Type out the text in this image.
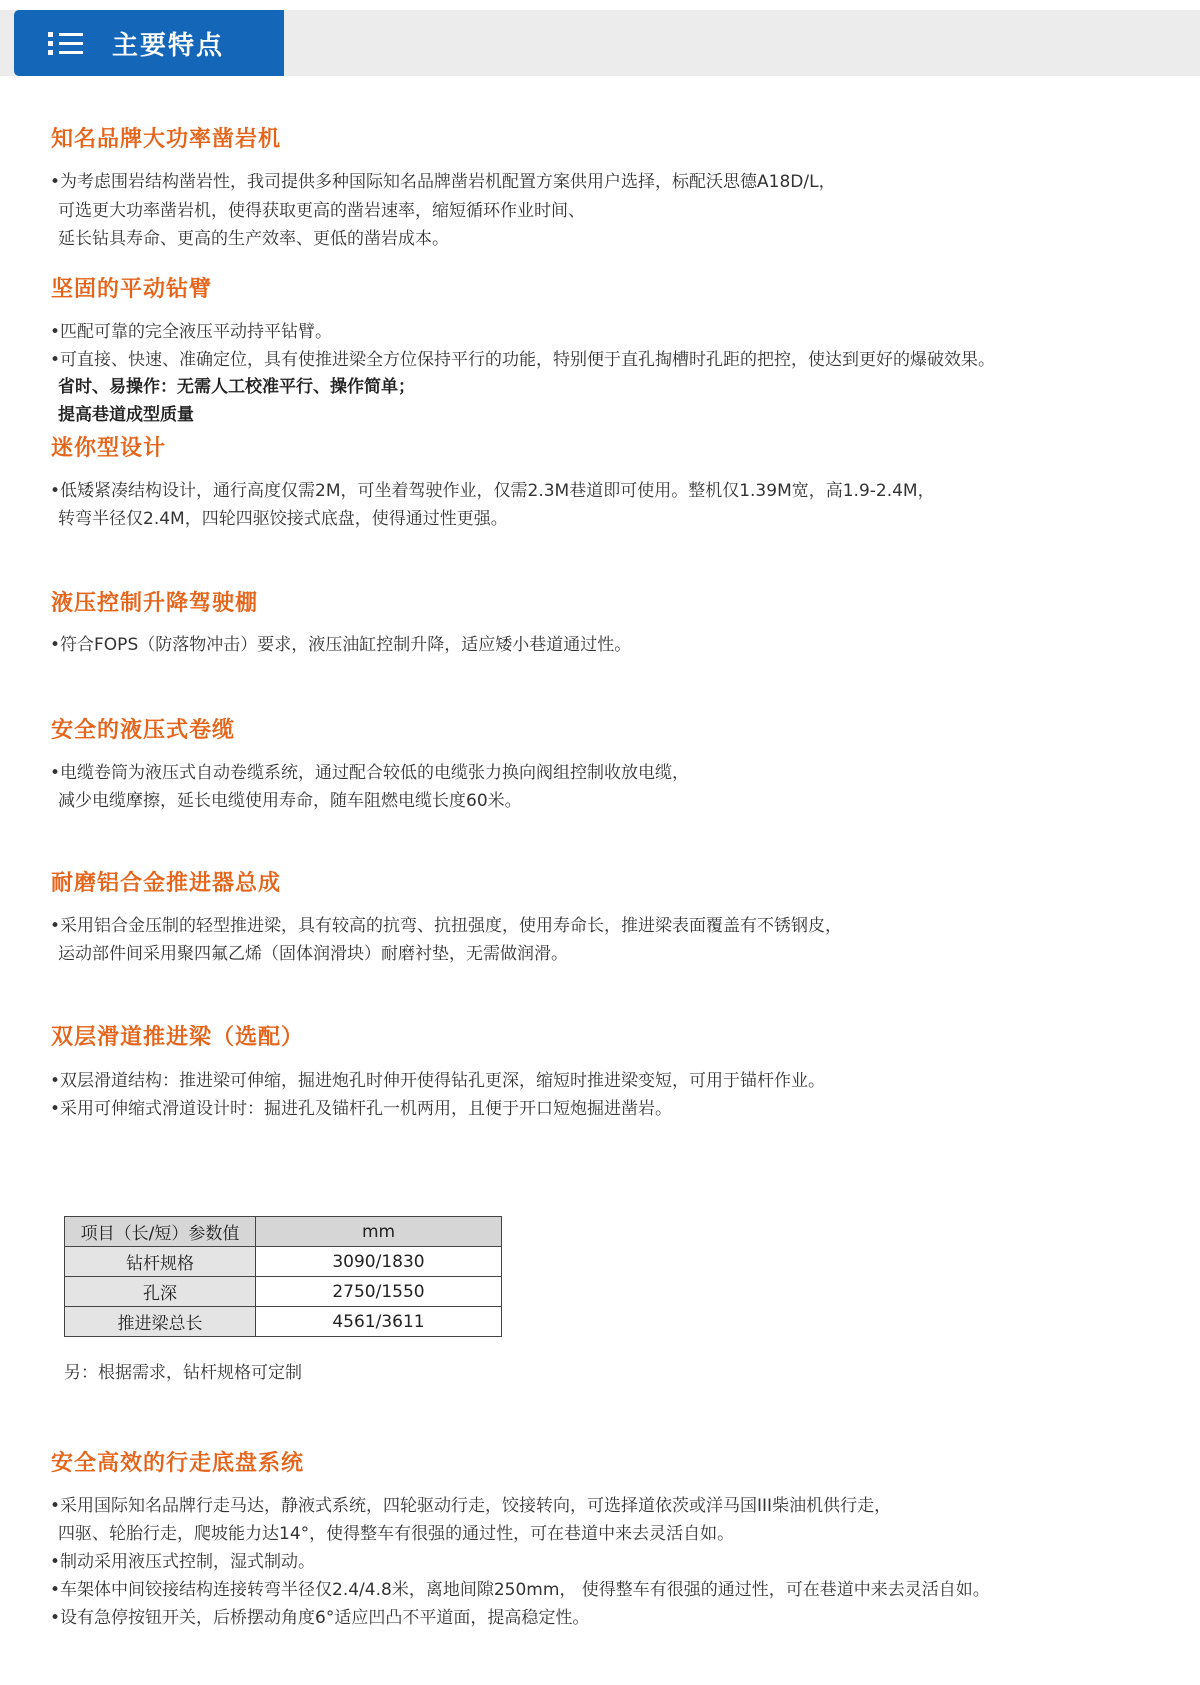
主要特点
知名品牌大功率凿岩机

•为考虑围岩结构凿岩性，我司提供多种国际知名品牌凿岩机配置方案供用户选择，标配沃思德A18D/L，

可选更大功率凿岩机，使得获取更高的凿岩速率，缩短循环作业时间、

延长钻具寿命、更高的生产效率、更低的凿岩成本。

坚固的平动钻臂

•匹配可靠的完全液压平动持平钻臂。

•可直接、快速、准确定位，具有使推进梁全方位保持平行的功能，特别便于直孔掏槽时孔距的把控，使达到更好的爆破效果。

省时、易操作：无需人工校准平行、操作简单；

提高巷道成型质量

迷你型设计

•低矮紧凑结构设计，通行高度仅需2M，可坐着驾驶作业，仅需2.3M巷道即可使用。整机仅1.39M宽，高1.9-2.4M，

转弯半径仅2.4M，四轮四驱饺接式底盘，使得通过性更强。

液压控制升降驾驶棚

•符合FOPS（防落物冲击）要求，液压油缸控制升降，适应矮小巷道通过性。

安全的液压式卷缆

•电缆卷筒为液压式自动卷缆系统，通过配合较低的电缆张力换向阀组控制收放电缆，

减少电缆摩擦，延长电缆使用寿命，随车阻燃电缆长度60米。

耐磨铝合金推进器总成

•采用铝合金压制的轻型推进梁，具有较高的抗弯、抗扭强度，使用寿命长，推进梁表面覆盖有不锈钢皮，

运动部件间采用聚四氟乙烯（固体润滑块）耐磨衬垫，无需做润滑。

双层滑道推进梁（选配）

•双层滑道结构：推进梁可伸缩，掘进炮孔时伸开使得钻孔更深，缩短时推进梁变短，可用于锚杆作业。

•采用可伸缩式滑道设计时：掘进孔及锚杆孔一机两用，且便于开口短炮掘进凿岩。

项目（长/短）参数值	mm
钻杆规格	3090/1830
孔深	2750/1550
推进梁总长	4561/3611

另：根据需求，钻杆规格可定制

安全高效的行走底盘系统

•采用国际知名品牌行走马达，静液式系统，四轮驱动行走，饺接转向，可选择道依茨或洋马国III柴油机供行走，

四驱、轮胎行走，爬坡能力达14°，使得整车有很强的通过性，可在巷道中来去灵活自如。

•制动采用液压式控制，湿式制动。

•车架体中间铰接结构连接转弯半径仅2.4/4.8米，离地间隙250mm， 使得整车有很强的通过性，可在巷道中来去灵活自如。

•设有急停按钮开关，后桥摆动角度6°适应凹凸不平道面，提高稳定性。
